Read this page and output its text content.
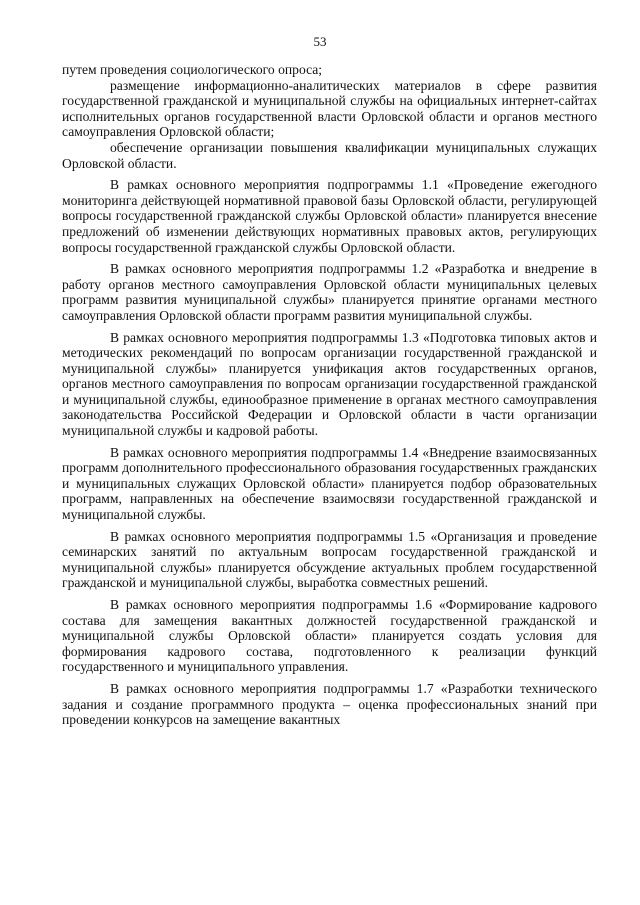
53

путем проведения социологического опроса;

размещение информационно-аналитических материалов в сфере развития государственной гражданской и муниципальной службы на официальных интернет-сайтах исполнительных органов государственной власти Орловской области и органов местного самоуправления Орловской области;

обеспечение организации повышения квалификации муниципальных служащих Орловской области.

В рамках основного мероприятия подпрограммы 1.1 «Проведение ежегодного мониторинга действующей нормативной правовой базы Орловской области, регулирующей вопросы государственной гражданской службы Орловской области» планируется внесение предложений об изменении действующих нормативных правовых актов, регулирующих вопросы государственной гражданской службы Орловской области.

В рамках основного мероприятия подпрограммы 1.2 «Разработка и внедрение в работу органов местного самоуправления Орловской области муниципальных целевых программ развития муниципальной службы» планируется принятие органами местного самоуправления Орловской области программ развития муниципальной службы.

В рамках основного мероприятия подпрограммы 1.3 «Подготовка типовых актов и методических рекомендаций по вопросам организации государственной гражданской и муниципальной службы» планируется унификация актов государственных органов, органов местного самоуправления по вопросам организации государственной гражданской и муниципальной службы, единообразное применение в органах местного самоуправления законодательства Российской Федерации и Орловской области в части организации муниципальной службы и кадровой работы.

В рамках основного мероприятия подпрограммы 1.4 «Внедрение взаимосвязанных программ дополнительного профессионального образования государственных гражданских и муниципальных служащих Орловской области» планируется подбор образовательных программ, направленных на обеспечение взаимосвязи государственной гражданской и муниципальной службы.

В рамках основного мероприятия подпрограммы 1.5 «Организация и проведение семинарских занятий по актуальным вопросам государственной гражданской и муниципальной службы» планируется обсуждение актуальных проблем государственной гражданской и муниципальной службы, выработка совместных решений.

В рамках основного мероприятия подпрограммы 1.6 «Формирование кадрового состава для замещения вакантных должностей государственной гражданской и муниципальной службы Орловской области» планируется создать условия для формирования кадрового состава, подготовленного к реализации функций государственного и муниципального управления.

В рамках основного мероприятия подпрограммы 1.7 «Разработки технического задания и создание программного продукта – оценка профессиональных знаний при проведении конкурсов на замещение вакантных
